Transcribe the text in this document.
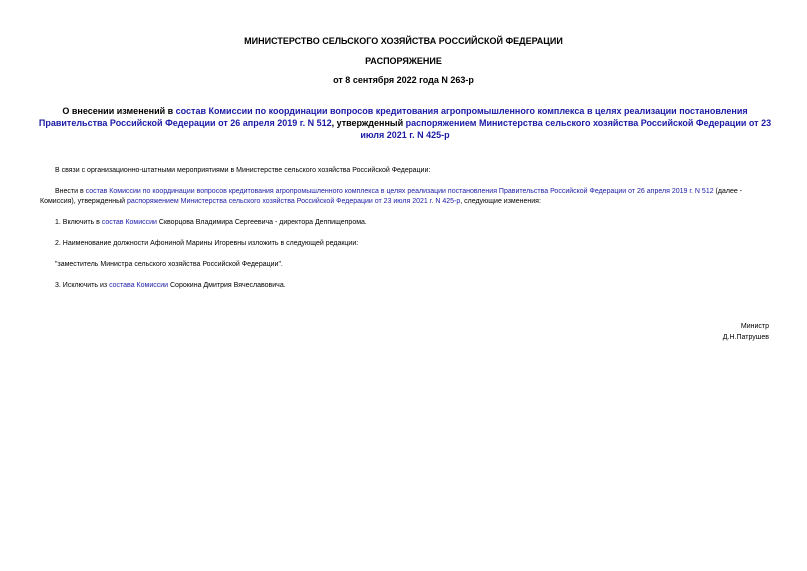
МИНИСТЕРСТВО СЕЛЬСКОГО ХОЗЯЙСТВА РОССИЙСКОЙ ФЕДЕРАЦИИ
РАСПОРЯЖЕНИЕ
от 8 сентября 2022 года N 263-р
О внесении изменений в состав Комиссии по координации вопросов кредитования агропромышленного комплекса в целях реализации постановления Правительства Российской Федерации от 26 апреля 2019 г. N 512, утвержденный распоряжением Министерства сельского хозяйства Российской Федерации от 23 июля 2021 г. N 425-р
В связи с организационно-штатными мероприятиями в Министерстве сельского хозяйства Российской Федерации:
Внести в состав Комиссии по координации вопросов кредитования агропромышленного комплекса в целях реализации постановления Правительства Российской Федерации от 26 апреля 2019 г. N 512 (далее - Комиссия), утвержденный распоряжением Министерства сельского хозяйства Российской Федерации от 23 июля 2021 г. N 425-р, следующие изменения:
1. Включить в состав Комиссии Скворцова Владимира Сергеевича - директора Деппищепрома.
2. Наименование должности Афониной Марины Игоревны изложить в следующей редакции:
"заместитель Министра сельского хозяйства Российской Федерации".
3. Исключить из состава Комиссии Сорокина Дмитрия Вячеславовича.
Министр
Д.Н.Патрушев
